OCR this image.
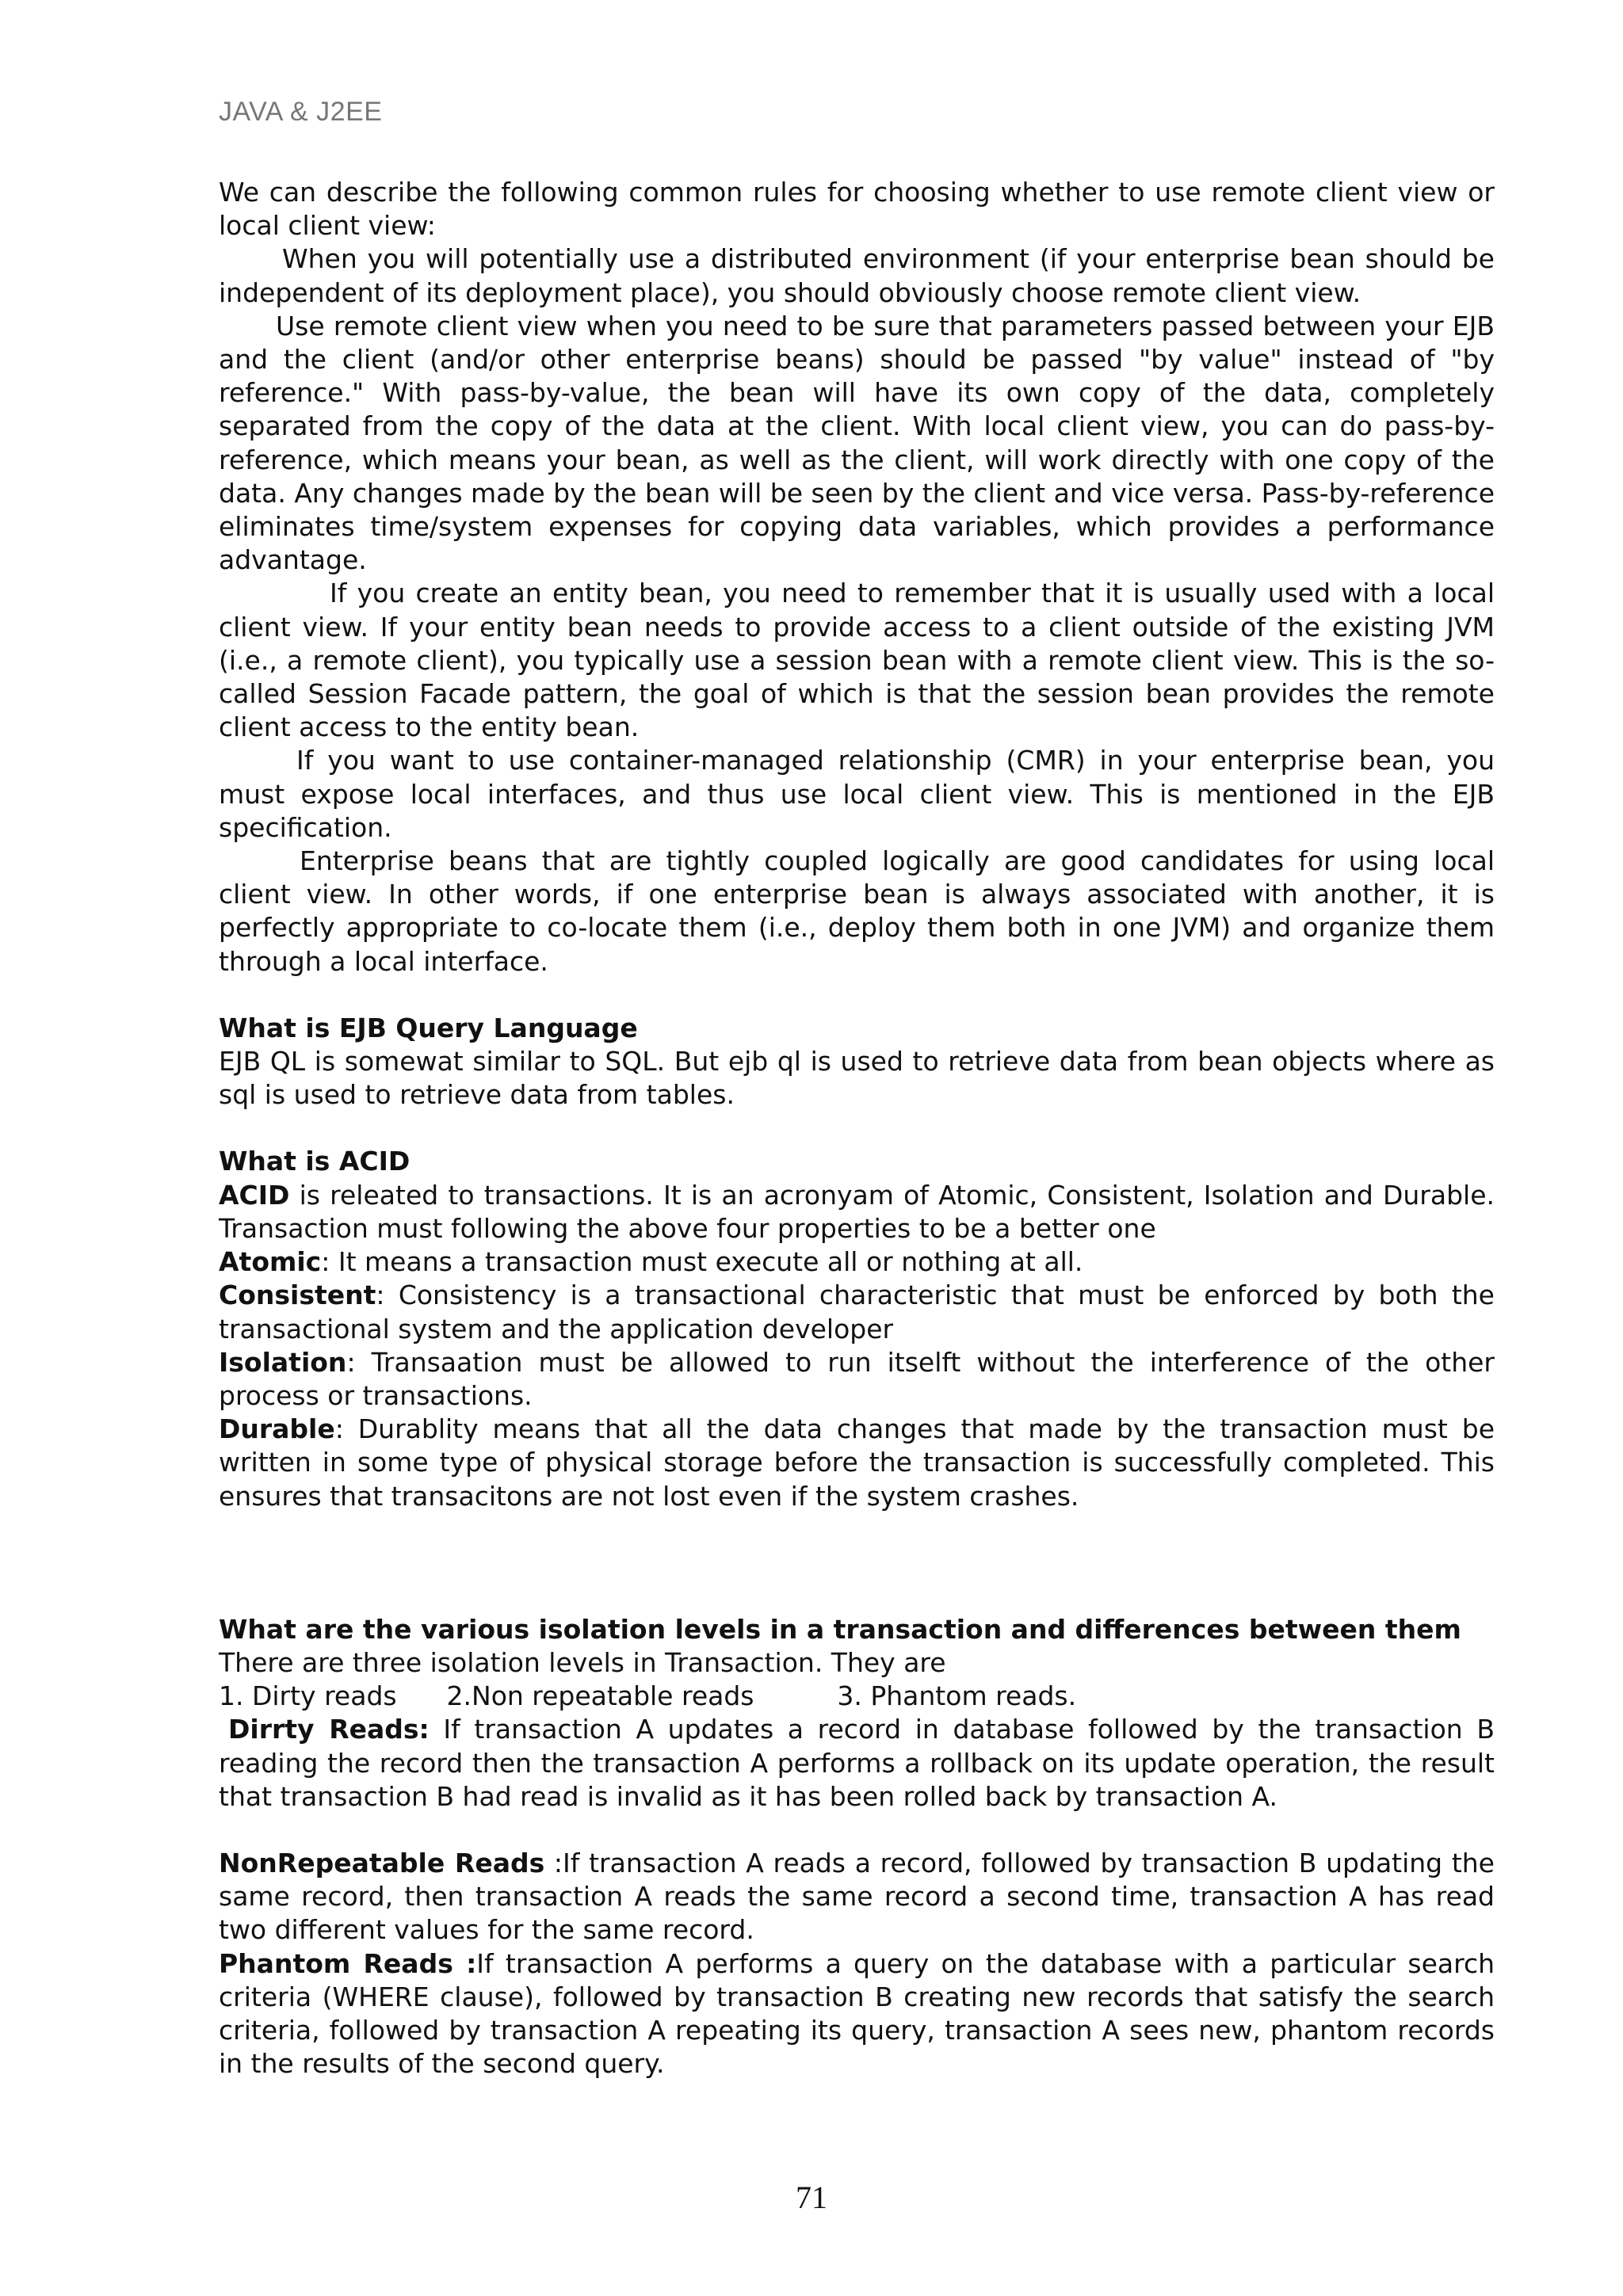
JAVA & J2EE

We can describe the following common rules for choosing whether to use remote client view or local client view:

When you will potentially use a distributed environment (if your enterprise bean should be independent of its deployment place), you should obviously choose remote client view.

Use remote client view when you need to be sure that parameters passed between your EJB and the client (and/or other enterprise beans) should be passed "by value" instead of "by reference." With pass-by-value, the bean will have its own copy of the data, completely separated from the copy of the data at the client. With local client view, you can do pass-by-reference, which means your bean, as well as the client, will work directly with one copy of the data. Any changes made by the bean will be seen by the client and vice versa. Pass-by-reference eliminates time/system expenses for copying data variables, which provides a performance advantage.

If you create an entity bean, you need to remember that it is usually used with a local client view. If your entity bean needs to provide access to a client outside of the existing JVM (i.e., a remote client), you typically use a session bean with a remote client view. This is the so-called Session Facade pattern, the goal of which is that the session bean provides the remote client access to the entity bean.

If you want to use container-managed relationship (CMR) in your enterprise bean, you must expose local interfaces, and thus use local client view. This is mentioned in the EJB specification.

Enterprise beans that are tightly coupled logically are good candidates for using local client view. In other words, if one enterprise bean is always associated with another, it is perfectly appropriate to co-locate them (i.e., deploy them both in one JVM) and organize them through a local interface.

What is EJB Query Language

EJB QL is somewat similar to SQL. But ejb ql is used to retrieve data from bean objects where as sql is used to retrieve data from tables.

What is ACID

ACID is releated to transactions. It is an acronyam of Atomic, Consistent, Isolation and Durable. Transaction must following the above four properties to be a better one

Atomic: It means a transaction must execute all or nothing at all.

Consistent: Consistency is a transactional characteristic that must be enforced by both the transactional system and the application developer

Isolation: Transaation must be allowed to run itselft without the interference of the other process or transactions.

Durable: Durablity means that all the data changes that made by the transaction must be written in some type of physical storage before the transaction is successfully completed. This ensures that transacitons are not lost even if the system crashes.

What are the various isolation levels in a transaction and differences between them

There are three isolation levels in Transaction. They are

1. Dirty reads      2.Non repeatable reads          3. Phantom reads.

Dirrty Reads: If transaction A updates a record in database followed by the transaction B reading the record then the transaction A performs a rollback on its update operation, the result that transaction B had read is invalid as it has been rolled back by transaction A.

NonRepeatable Reads :If transaction A reads a record, followed by transaction B updating the same record, then transaction A reads the same record a second time, transaction A has read two different values for the same record.

Phantom Reads :If transaction A performs a query on the database with a particular search criteria (WHERE clause), followed by transaction B creating new records that satisfy the search criteria, followed by transaction A repeating its query, transaction A sees new, phantom records in the results of the second query.

71
